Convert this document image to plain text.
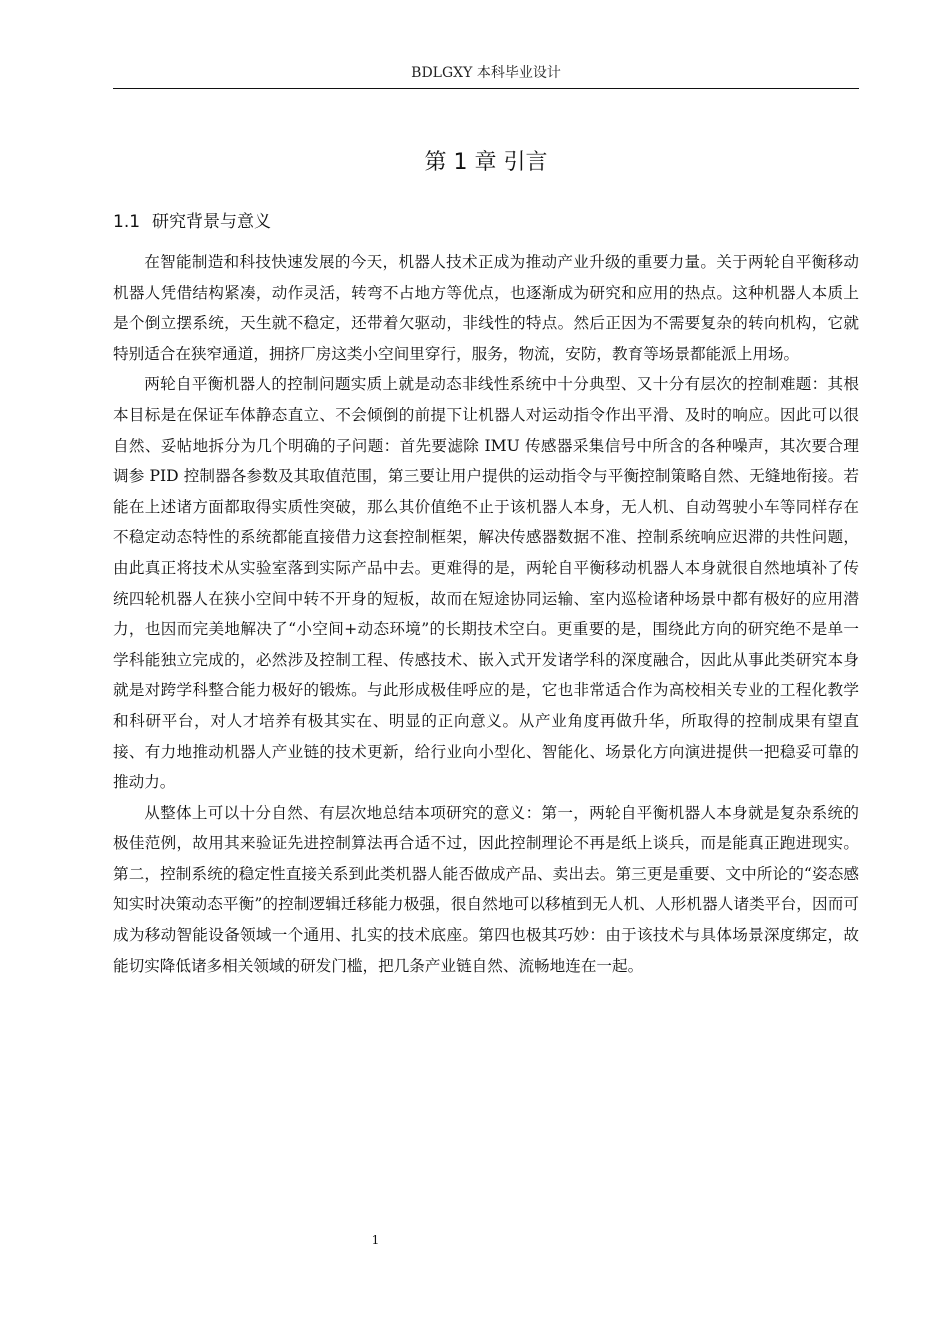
BDLGXY 本科毕业设计
第 1 章 引言
1.1 研究背景与意义

在智能制造和科技快速发展的今天，机器人技术正成为推动产业升级的重要力量。关于两轮自平衡移动机器人凭借结构紧凑，动作灵活，转弯不占地方等优点，也逐渐成为研究和应用的热点。这种机器人本质上是个倒立摆系统，天生就不稳定，还带着欠驱动，非线性的特点。然后正因为不需要复杂的转向机构，它就特别适合在狭窄通道，拥挤厂房这类小空间里穿行，服务，物流，安防，教育等场景都能派上用场。

两轮自平衡机器人的控制问题实质上就是动态非线性系统中十分典型、又十分有层次的控制难题：其根本目标是在保证车体静态直立、不会倾倒的前提下让机器人对运动指令作出平滑、及时的响应。因此可以很自然、妥帖地拆分为几个明确的子问题：首先要滤除 IMU 传感器采集信号中所含的各种噪声，其次要合理调参 PID 控制器各参数及其取值范围，第三要让用户提供的运动指令与平衡控制策略自然、无缝地衔接。若能在上述诸方面都取得实质性突破，那么其价值绝不止于该机器人本身，无人机、自动驾驶小车等同样存在不稳定动态特性的系统都能直接借力这套控制框架，解决传感器数据不准、控制系统响应迟滞的共性问题，由此真正将技术从实验室落到实际产品中去。更难得的是，两轮自平衡移动机器人本身就很自然地填补了传统四轮机器人在狭小空间中转不开身的短板，故而在短途协同运输、室内巡检诸种场景中都有极好的应用潜力，也因而完美地解决了“小空间+动态环境”的长期技术空白。更重要的是，围绕此方向的研究绝不是单一学科能独立完成的，必然涉及控制工程、传感技术、嵌入式开发诸学科的深度融合，因此从事此类研究本身就是对跨学科整合能力极好的锻炼。与此形成极佳呼应的是，它也非常适合作为高校相关专业的工程化教学和科研平台，对人才培养有极其实在、明显的正向意义。从产业角度再做升华，所取得的控制成果有望直接、有力地推动机器人产业链的技术更新，给行业向小型化、智能化、场景化方向演进提供一把稳妥可靠的推动力。

从整体上可以十分自然、有层次地总结本项研究的意义：第一，两轮自平衡机器人本身就是复杂系统的极佳范例，故用其来验证先进控制算法再合适不过，因此控制理论不再是纸上谈兵，而是能真正跑进现实。第二，控制系统的稳定性直接关系到此类机器人能否做成产品、卖出去。第三更是重要、文中所论的“姿态感知实时决策动态平衡”的控制逻辑迁移能力极强，很自然地可以移植到无人机、人形机器人诸类平台，因而可成为移动智能设备领域一个通用、扎实的技术底座。第四也极其巧妙：由于该技术与具体场景深度绑定，故能切实降低诸多相关领域的研发门槛，把几条产业链自然、流畅地连在一起。

1
